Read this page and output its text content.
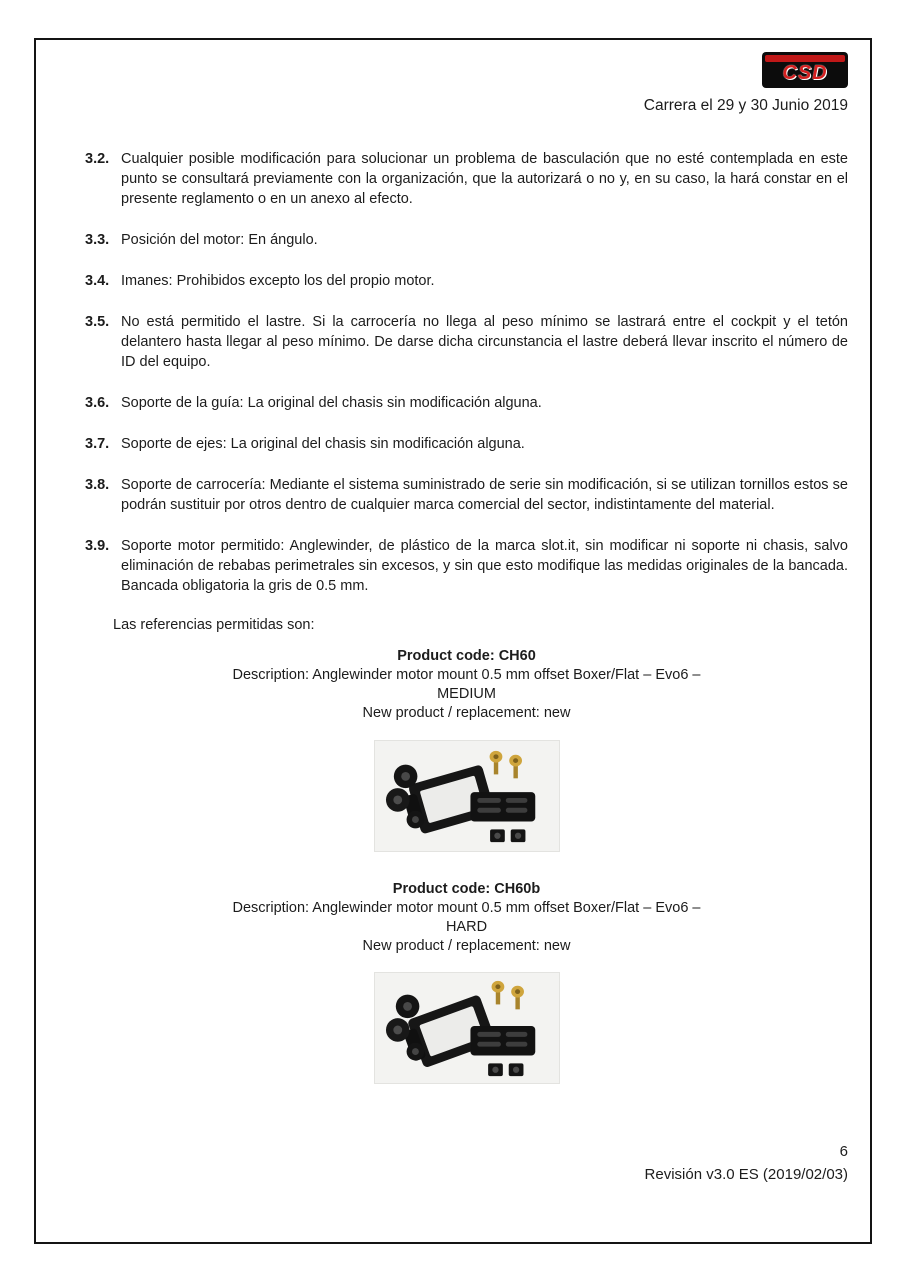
CSD
Carrera el 29 y 30 Junio 2019
3.2. Cualquier posible modificación para solucionar un problema de basculación que no esté contemplada en este punto se consultará previamente con la organización, que la autorizará o no y, en su caso, la hará constar en el presente reglamento o en un anexo al efecto.
3.3. Posición del motor: En ángulo.
3.4. Imanes: Prohibidos excepto los del propio motor.
3.5. No está permitido el lastre. Si la carrocería no llega al peso mínimo se lastrará entre el cockpit y el tetón delantero hasta llegar al peso mínimo. De darse dicha circunstancia el lastre deberá llevar inscrito el número de ID del equipo.
3.6. Soporte de la guía: La original del chasis sin modificación alguna.
3.7. Soporte de ejes: La original del chasis sin modificación alguna.
3.8. Soporte de carrocería: Mediante el sistema suministrado de serie sin modificación, si se utilizan tornillos estos se podrán sustituir por otros dentro de cualquier marca comercial del sector, indistintamente del material.
3.9. Soporte motor permitido: Anglewinder, de plástico de la marca slot.it, sin modificar ni soporte ni chasis, salvo eliminación de rebabas perimetrales sin excesos, y sin que esto modifique las medidas originales de la bancada. Bancada obligatoria la gris de 0.5 mm.
Las referencias permitidas son:
Product code: CH60
Description: Anglewinder motor mount 0.5 mm offset Boxer/Flat – Evo6 –
MEDIUM
New product / replacement: new
Product code: CH60b
Description: Anglewinder motor mount 0.5 mm offset Boxer/Flat – Evo6 –
HARD
New product / replacement: new
6
Revisión v3.0 ES (2019/02/03)
